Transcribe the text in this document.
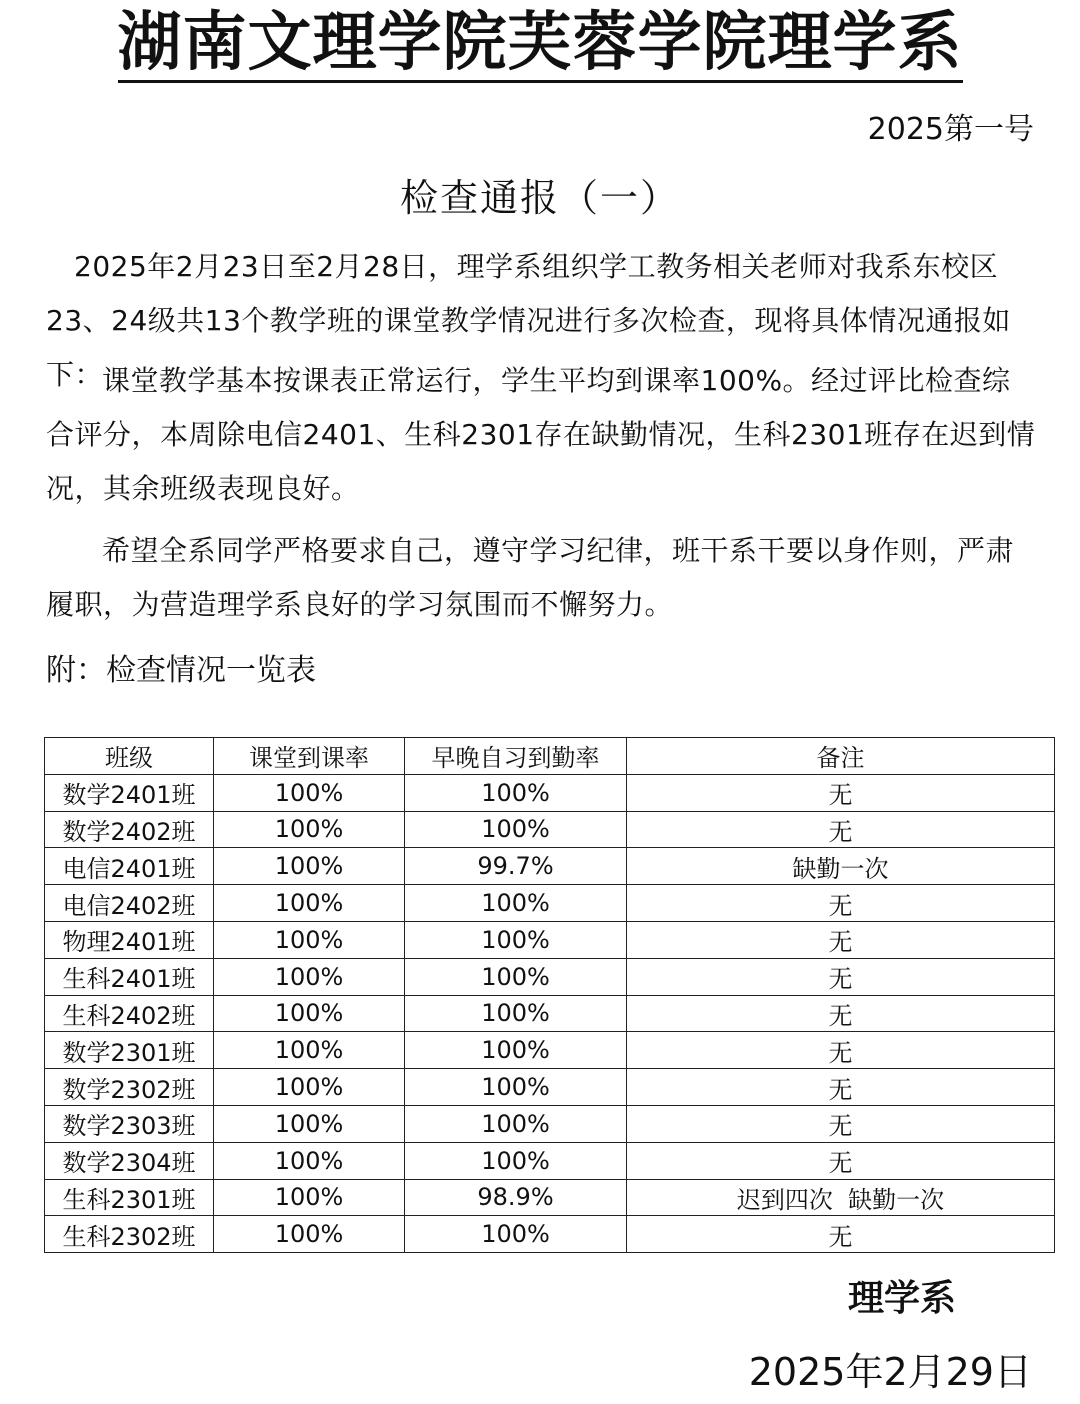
湖南文理学院芙蓉学院理学系
2025第一号
检查通报（一）

2025年2月23日至2月28日，理学系组织学工教务相关老师对我系东校区23、24级共13个教学班的课堂教学情况进行多次检查，现将具体情况通报如下：

课堂教学基本按课表正常运行，学生平均到课率100%。经过评比检查综合评分，本周除电信2401、生科2301存在缺勤情况，生科2301班存在迟到情况，其余班级表现良好。

希望全系同学严格要求自己，遵守学习纪律，班干系干要以身作则，严肃履职，为营造理学系良好的学习氛围而不懈努力。

附：检查情况一览表
班级	课堂到课率	早晚自习到勤率	备注
数学2401班	100%	100%	无
数学2402班	100%	100%	无
电信2401班	100%	99.7%	缺勤一次
电信2402班	100%	100%	无
物理2401班	100%	100%	无
生科2401班	100%	100%	无
生科2402班	100%	100%	无
数学2301班	100%	100%	无
数学2302班	100%	100%	无
数学2303班	100%	100%	无
数学2304班	100%	100%	无
生科2301班	100%	98.9%	迟到四次  缺勤一次
生科2302班	100%	100%	无
理学系
2025年2月29日
